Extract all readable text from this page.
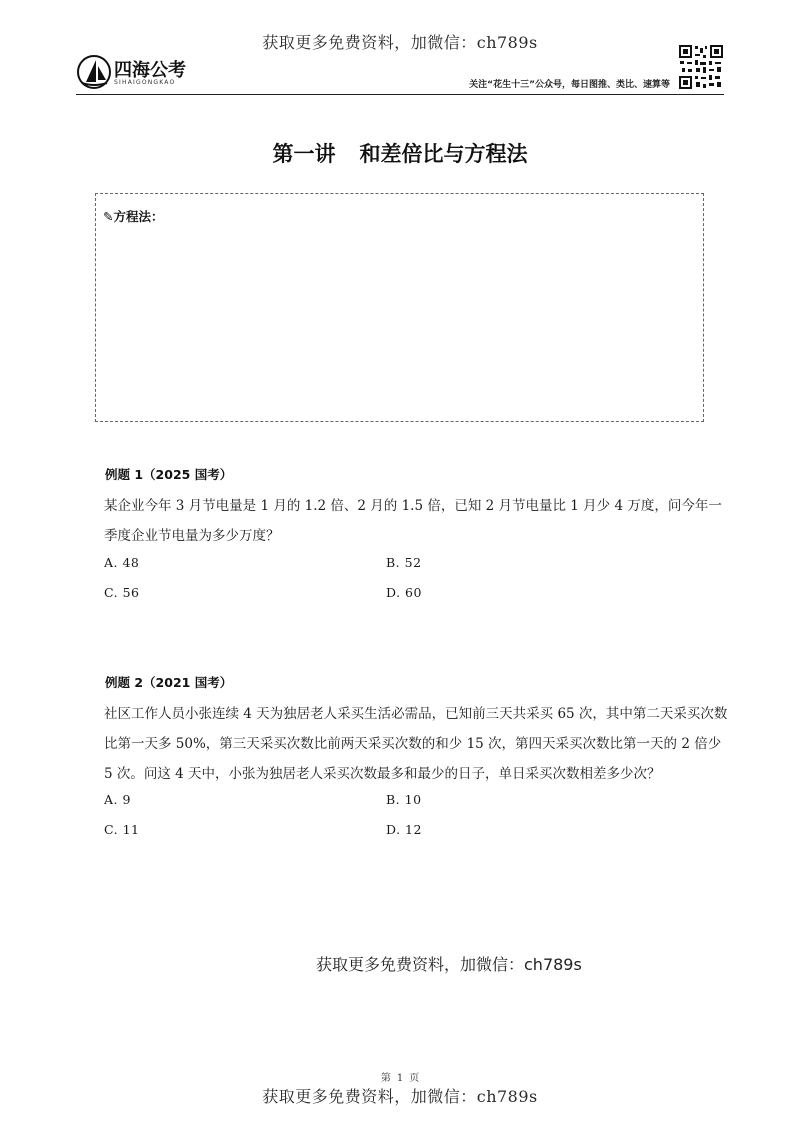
获取更多免费资料，加微信：ch789s
四海公考
SIHAIGONGKAO	关注“花生十三”公众号，每日图推、类比、速算等
第一讲 和差倍比与方程法
✎方程法：
例题 1（2025 国考）
某企业今年 3 月节电量是 1 月的 1.2 倍、2 月的 1.5 倍，已知 2 月节电量比 1 月少 4 万度，问今年一季度企业节电量为多少万度？
A. 48	B. 52
C. 56	D. 60
例题 2（2021 国考）
社区工作人员小张连续 4 天为独居老人采买生活必需品，已知前三天共采买 65 次，其中第二天采买次数比第一天多 50%，第三天采买次数比前两天采买次数的和少 15 次，第四天采买次数比第一天的 2 倍少 5 次。问这 4 天中，小张为独居老人采买次数最多和最少的日子，单日采买次数相差多少次？
A. 9	B. 10
C. 11	D. 12
获取更多免费资料，加微信：ch789s
第 1 页
获取更多免费资料，加微信：ch789s
